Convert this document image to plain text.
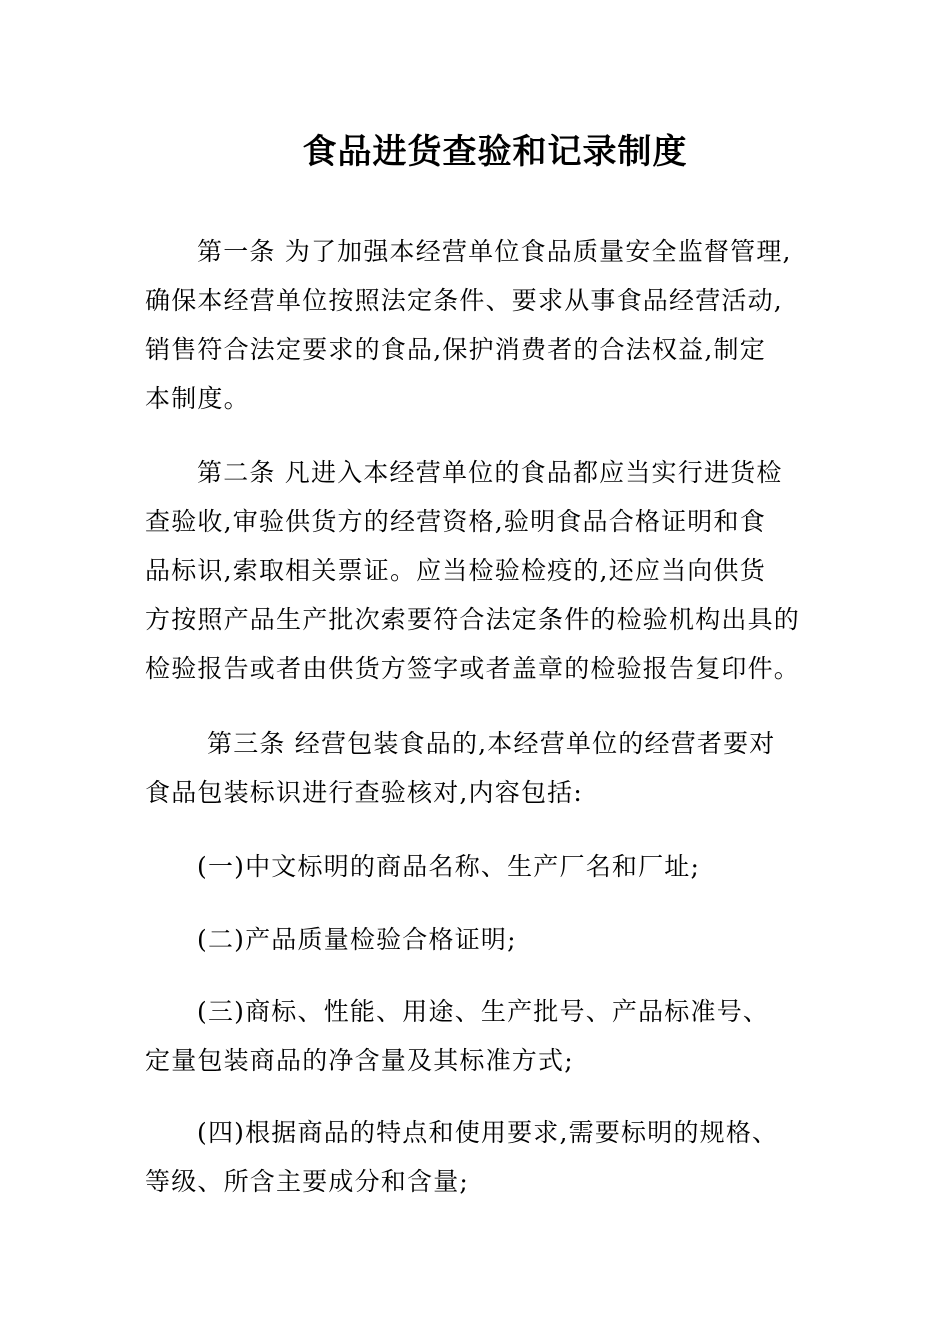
食品进货查验和记录制度

第一条 为了加强本经营单位食品质量安全监督管理,
确保本经营单位按照法定条件、要求从事食品经营活动,
销售符合法定要求的食品,保护消费者的合法权益,制定
本制度。

第二条 凡进入本经营单位的食品都应当实行进货检
查验收,审验供货方的经营资格,验明食品合格证明和食
品标识,索取相关票证。应当检验检疫的,还应当向供货
方按照产品生产批次索要符合法定条件的检验机构出具的
检验报告或者由供货方签字或者盖章的检验报告复印件。

第三条 经营包装食品的,本经营单位的经营者要对
食品包装标识进行查验核对,内容包括:

(一)中文标明的商品名称、生产厂名和厂址;

(二)产品质量检验合格证明;

(三)商标、性能、用途、生产批号、产品标准号、
定量包装商品的净含量及其标准方式;

(四)根据商品的特点和使用要求,需要标明的规格、
等级、所含主要成分和含量;
